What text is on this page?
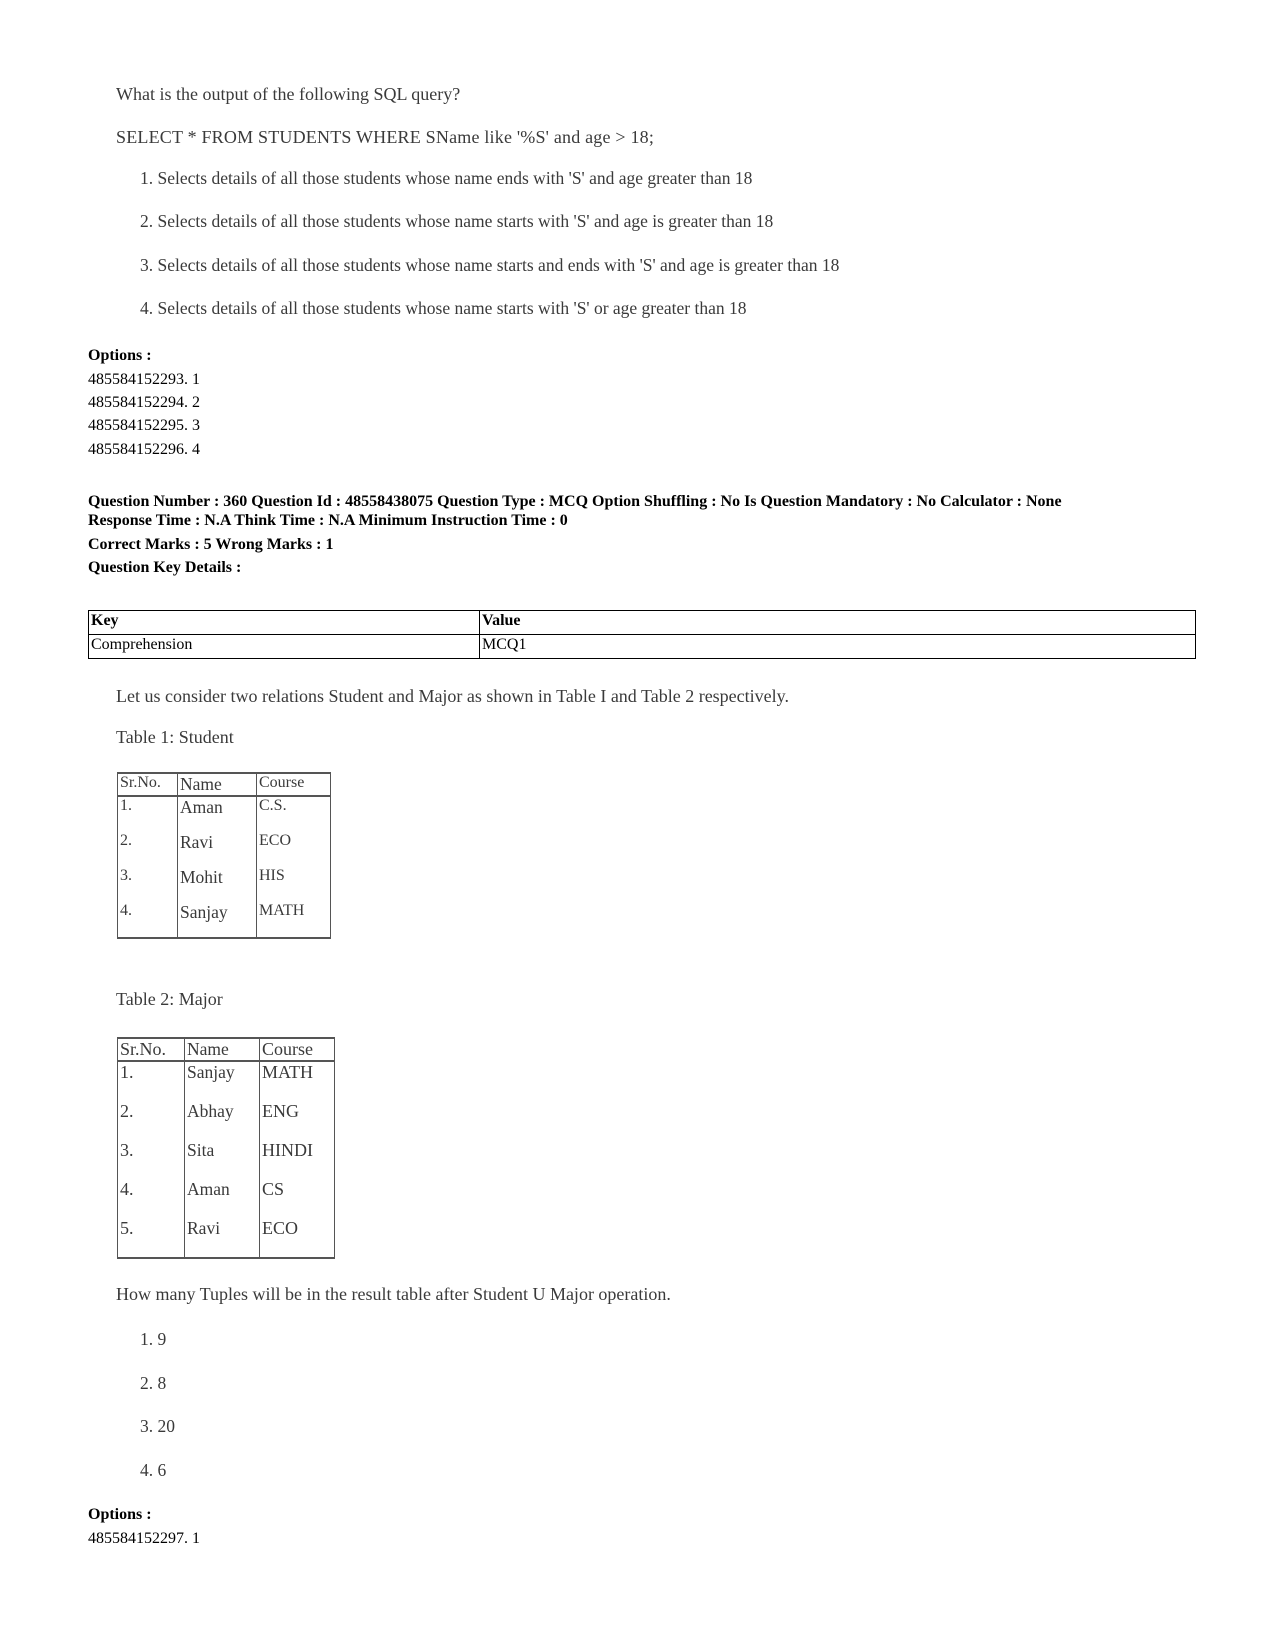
What is the output of the following SQL query?
SELECT * FROM STUDENTS WHERE SName like '%S' and age > 18;
1. Selects details of all those students whose name ends with 'S' and age greater than 18
2. Selects details of all those students whose name starts with 'S' and age is greater than 18
3. Selects details of all those students whose name starts and ends with 'S' and age is greater than 18
4. Selects details of all those students whose name starts with 'S' or age greater than 18
Options :
485584152293. 1
485584152294. 2
485584152295. 3
485584152296. 4
Question Number : 360 Question Id : 48558438075 Question Type : MCQ Option Shuffling : No Is Question Mandatory : No Calculator : None
Response Time : N.A Think Time : N.A Minimum Instruction Time : 0
Correct Marks : 5 Wrong Marks : 1
Question Key Details :
Key	Value
Comprehension	MCQ1
Let us consider two relations Student and Major as shown in Table I and Table 2 respectively.
Table 1: Student
Sr.No.	Name	Course
1.	Aman	C.S.
2.	Ravi	ECO
3.	Mohit	HIS
4.	Sanjay	MATH
Table 2: Major
Sr.No.	Name	Course
1.	Sanjay	MATH
2.	Abhay	ENG
3.	Sita	HINDI
4.	Aman	CS
5.	Ravi	ECO
How many Tuples will be in the result table after Student U Major operation.
1. 9
2. 8
3. 20
4. 6
Options :
485584152297. 1
